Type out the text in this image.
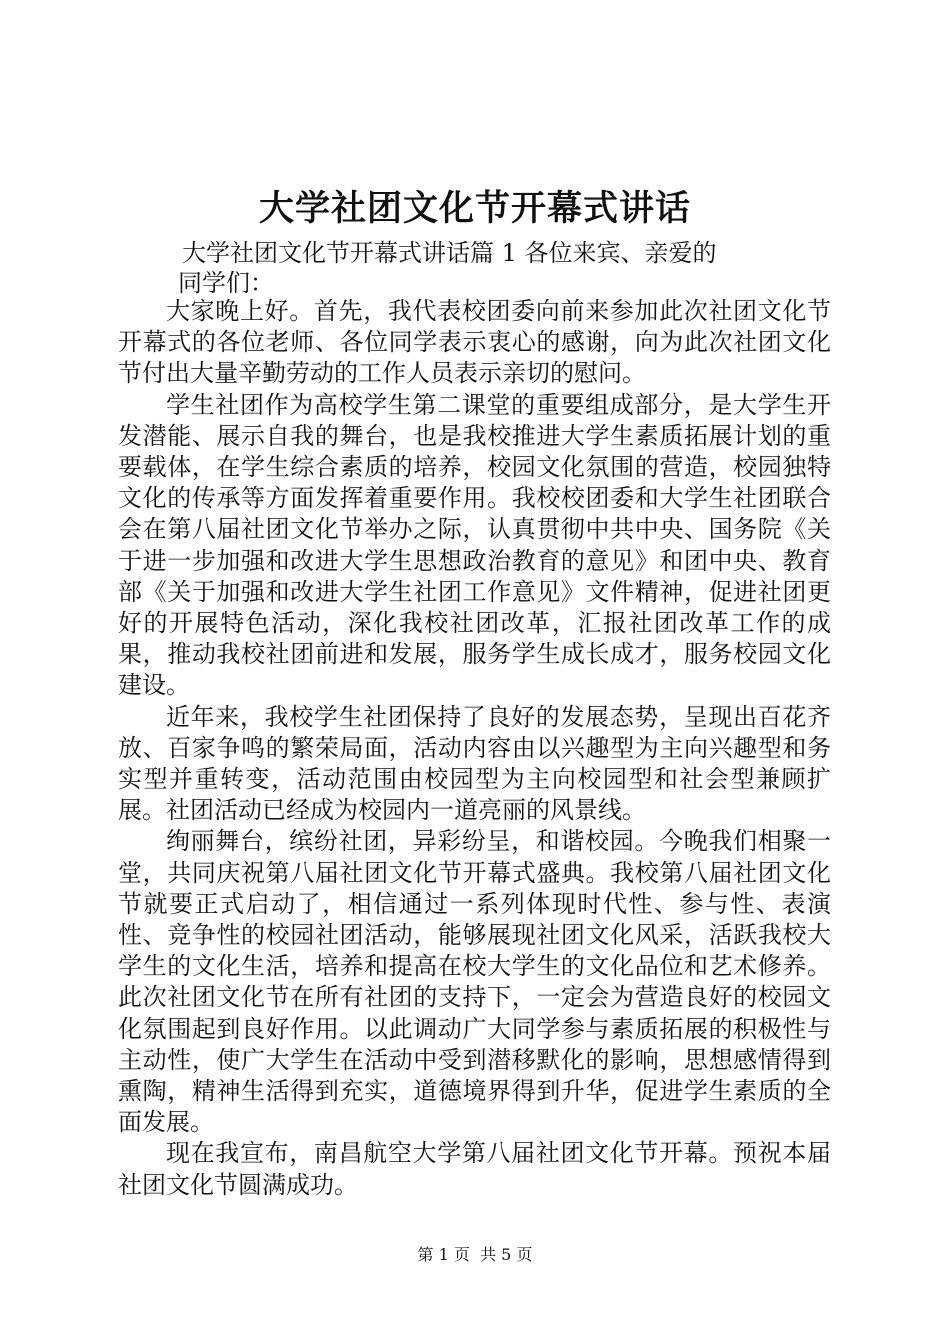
大学社团文化节开幕式讲话
大学社团文化节开幕式讲话篇 1 各位来宾、亲爱的
同学们：

大家晚上好。首先，我代表校团委向前来参加此次社团文化节开幕式的各位老师、各位同学表示衷心的感谢，向为此次社团文化节付出大量辛勤劳动的工作人员表示亲切的慰问。

学生社团作为高校学生第二课堂的重要组成部分，是大学生开发潜能、展示自我的舞台，也是我校推进大学生素质拓展计划的重要载体，在学生综合素质的培养，校园文化氛围的营造，校园独特文化的传承等方面发挥着重要作用。我校校团委和大学生社团联合会在第八届社团文化节举办之际，认真贯彻中共中央、国务院《关于进一步加强和改进大学生思想政治教育的意见》和团中央、教育部《关于加强和改进大学生社团工作意见》文件精神，促进社团更好的开展特色活动，深化我校社团改革，汇报社团改革工作的成果，推动我校社团前进和发展，服务学生成长成才，服务校园文化建设。

近年来，我校学生社团保持了良好的发展态势，呈现出百花齐放、百家争鸣的繁荣局面，活动内容由以兴趣型为主向兴趣型和务实型并重转变，活动范围由校园型为主向校园型和社会型兼顾扩展。社团活动已经成为校园内一道亮丽的风景线。

绚丽舞台，缤纷社团，异彩纷呈，和谐校园。今晚我们相聚一堂，共同庆祝第八届社团文化节开幕式盛典。我校第八届社团文化节就要正式启动了，相信通过一系列体现时代性、参与性、表演性、竞争性的校园社团活动，能够展现社团文化风采，活跃我校大学生的文化生活，培养和提高在校大学生的文化品位和艺术修养。此次社团文化节在所有社团的支持下，一定会为营造良好的校园文化氛围起到良好作用。以此调动广大同学参与素质拓展的积极性与主动性，使广大学生在活动中受到潜移默化的影响，思想感情得到熏陶，精神生活得到充实，道德境界得到升华，促进学生素质的全面发展。

现在我宣布，南昌航空大学第八届社团文化节开幕。预祝本届社团文化节圆满成功。

第 1 页  共 5 页
